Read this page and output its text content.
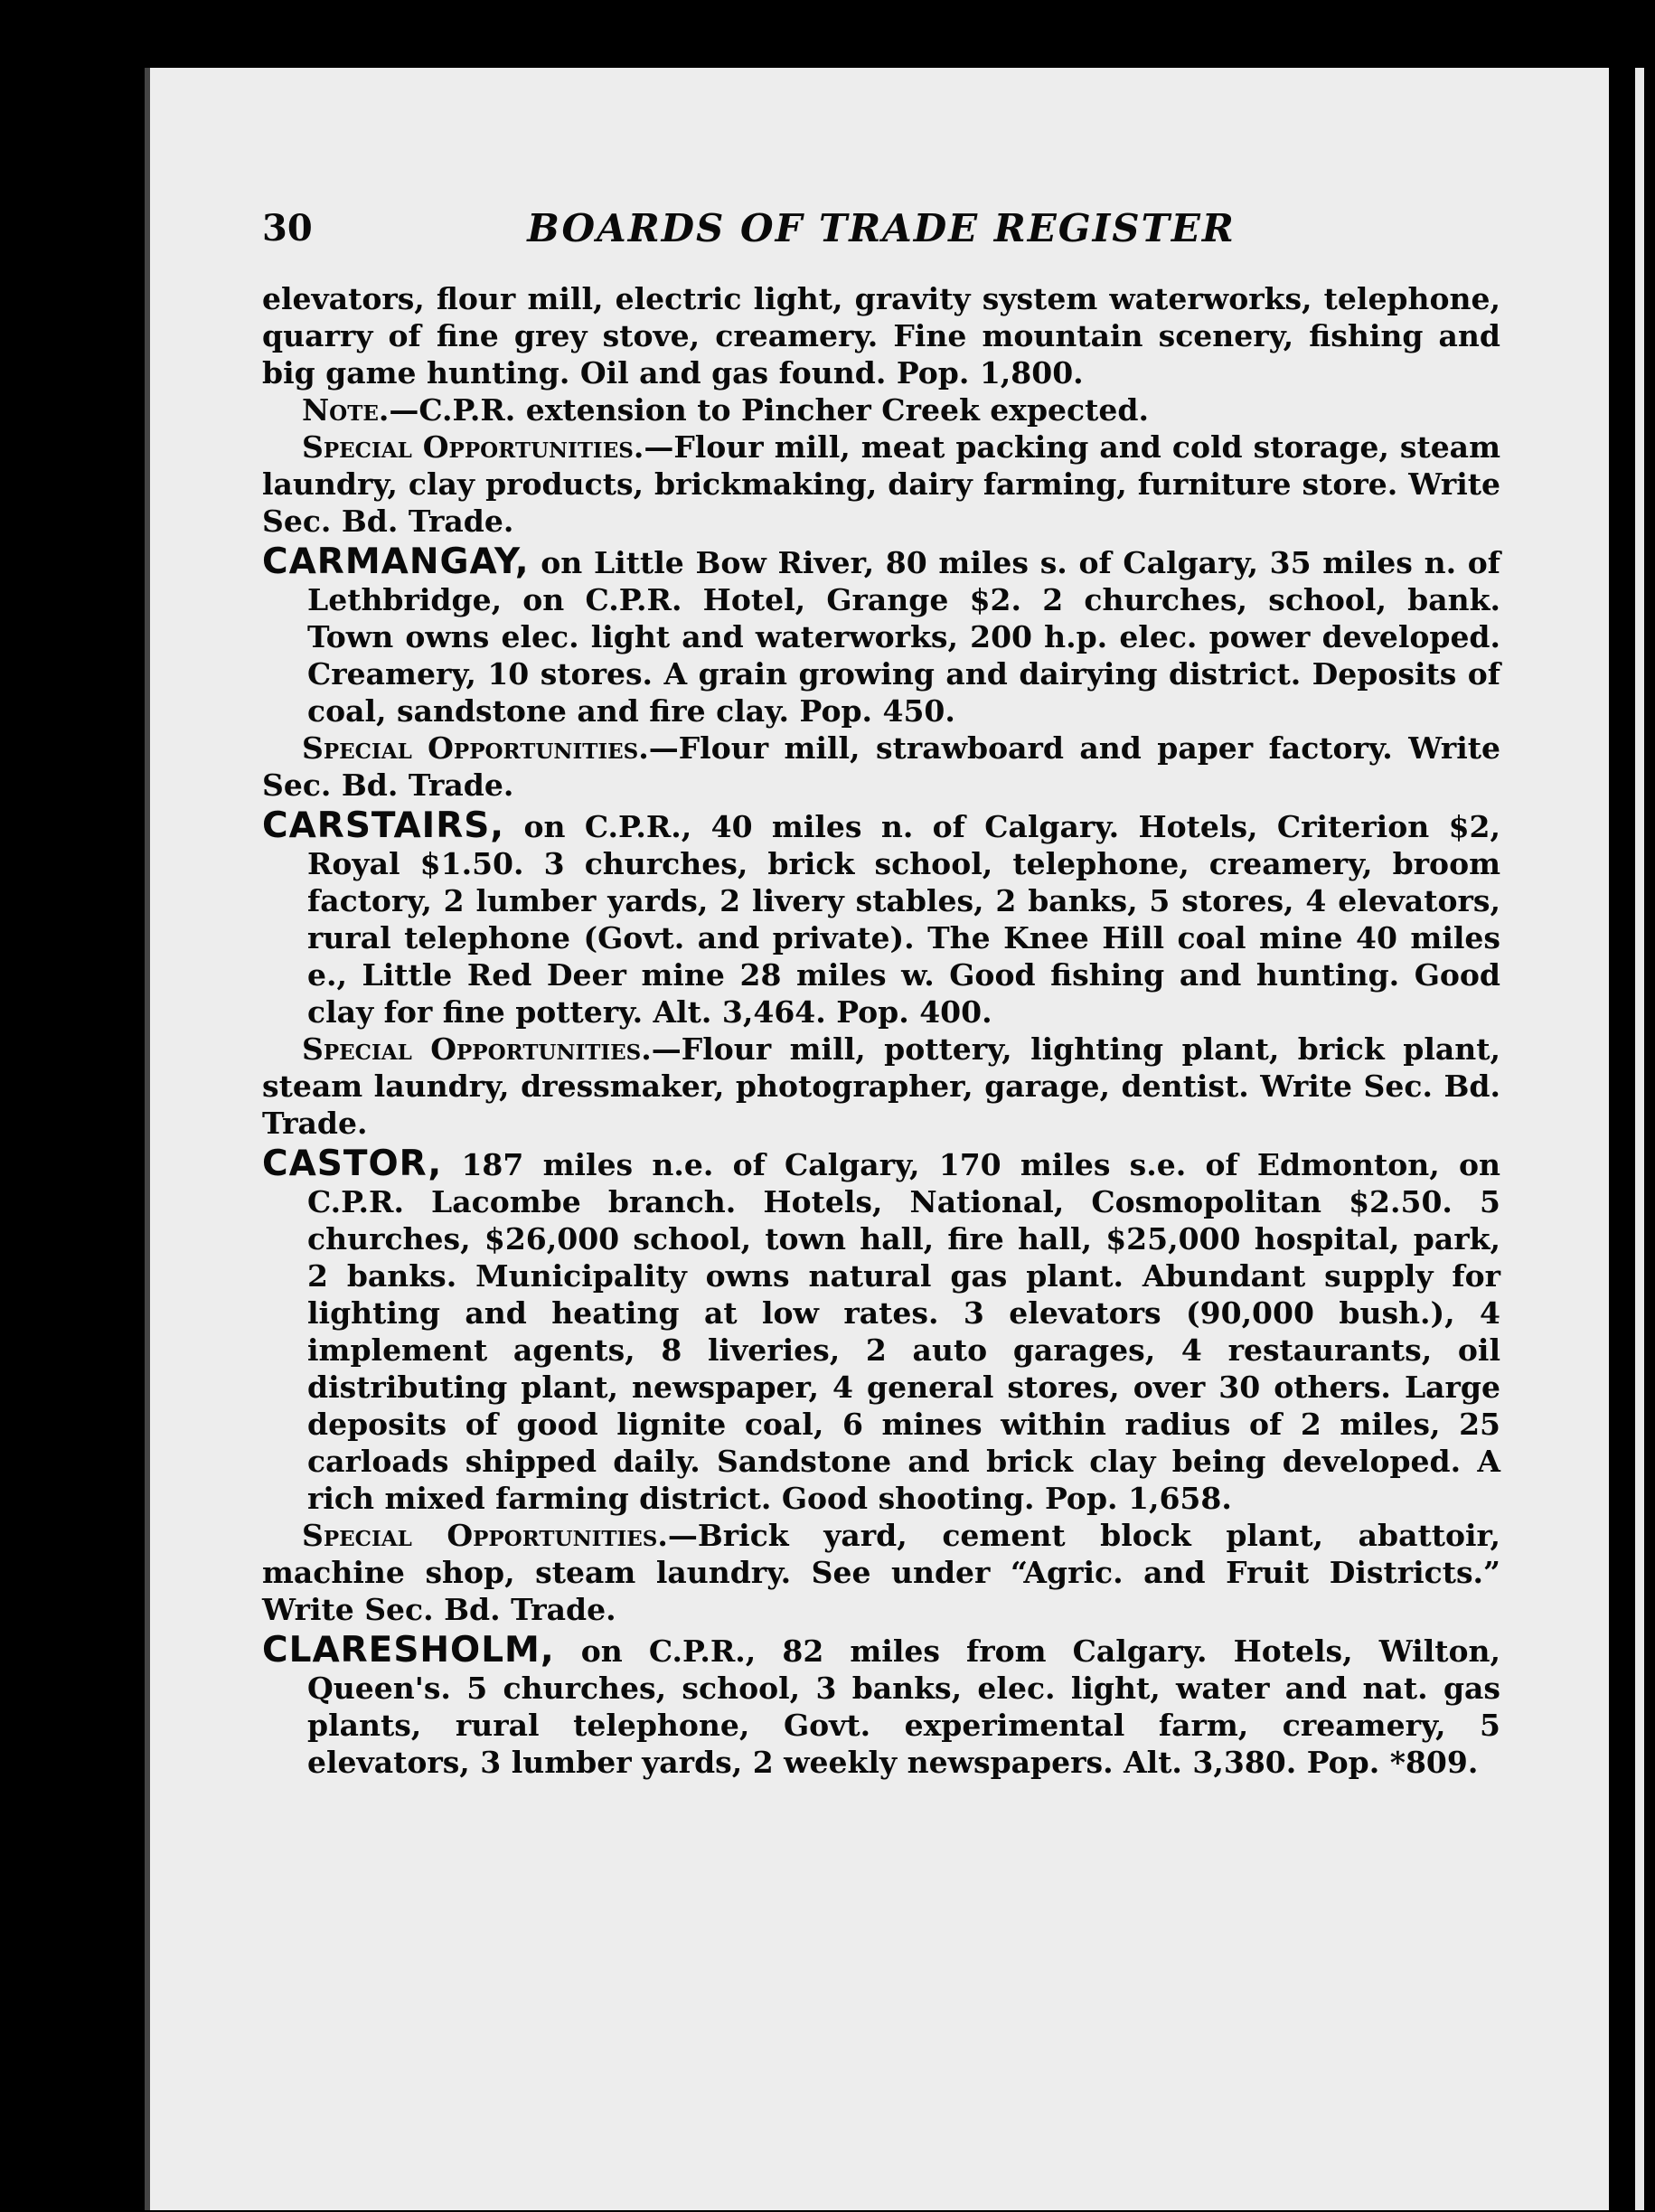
30	BOARDS OF TRADE REGISTER

elevators, flour mill, electric light, gravity system waterworks, telephone, quarry of fine grey stove, creamery. Fine mountain scenery, fishing and big game hunting. Oil and gas found. Pop. 1,800.

Note.—C.P.R. extension to Pincher Creek expected.

Special Opportunities.—Flour mill, meat packing and cold storage, steam laundry, clay products, brickmaking, dairy farming, furniture store. Write Sec. Bd. Trade.

CARMANGAY, on Little Bow River, 80 miles s. of Calgary, 35 miles n. of Lethbridge, on C.P.R. Hotel, Grange $2. 2 churches, school, bank. Town owns elec. light and waterworks, 200 h.p. elec. power developed. Creamery, 10 stores. A grain growing and dairying district. Deposits of coal, sandstone and fire clay. Pop. 450.

Special Opportunities.—Flour mill, strawboard and paper factory. Write Sec. Bd. Trade.

CARSTAIRS, on C.P.R., 40 miles n. of Calgary. Hotels, Criterion $2, Royal $1.50. 3 churches, brick school, telephone, creamery, broom factory, 2 lumber yards, 2 livery stables, 2 banks, 5 stores, 4 elevators, rural telephone (Govt. and private). The Knee Hill coal mine 40 miles e., Little Red Deer mine 28 miles w. Good fishing and hunting. Good clay for fine pottery. Alt. 3,464. Pop. 400.

Special Opportunities.—Flour mill, pottery, lighting plant, brick plant, steam laundry, dressmaker, photographer, garage, dentist. Write Sec. Bd. Trade.

CASTOR, 187 miles n.e. of Calgary, 170 miles s.e. of Edmonton, on C.P.R. Lacombe branch. Hotels, National, Cosmopolitan $2.50. 5 churches, $26,000 school, town hall, fire hall, $25,000 hospital, park, 2 banks. Municipality owns natural gas plant. Abundant supply for lighting and heating at low rates. 3 elevators (90,000 bush.), 4 implement agents, 8 liveries, 2 auto garages, 4 restaurants, oil distributing plant, newspaper, 4 general stores, over 30 others. Large deposits of good lignite coal, 6 mines within radius of 2 miles, 25 carloads shipped daily. Sandstone and brick clay being developed. A rich mixed farming district. Good shooting. Pop. 1,658.

Special Opportunities.—Brick yard, cement block plant, abattoir, machine shop, steam laundry. See under “Agric. and Fruit Districts.” Write Sec. Bd. Trade.

CLARESHOLM, on C.P.R., 82 miles from Calgary. Hotels, Wilton, Queen's. 5 churches, school, 3 banks, elec. light, water and nat. gas plants, rural telephone, Govt. experimental farm, creamery, 5 elevators, 3 lumber yards, 2 weekly newspapers. Alt. 3,380. Pop. *809.
